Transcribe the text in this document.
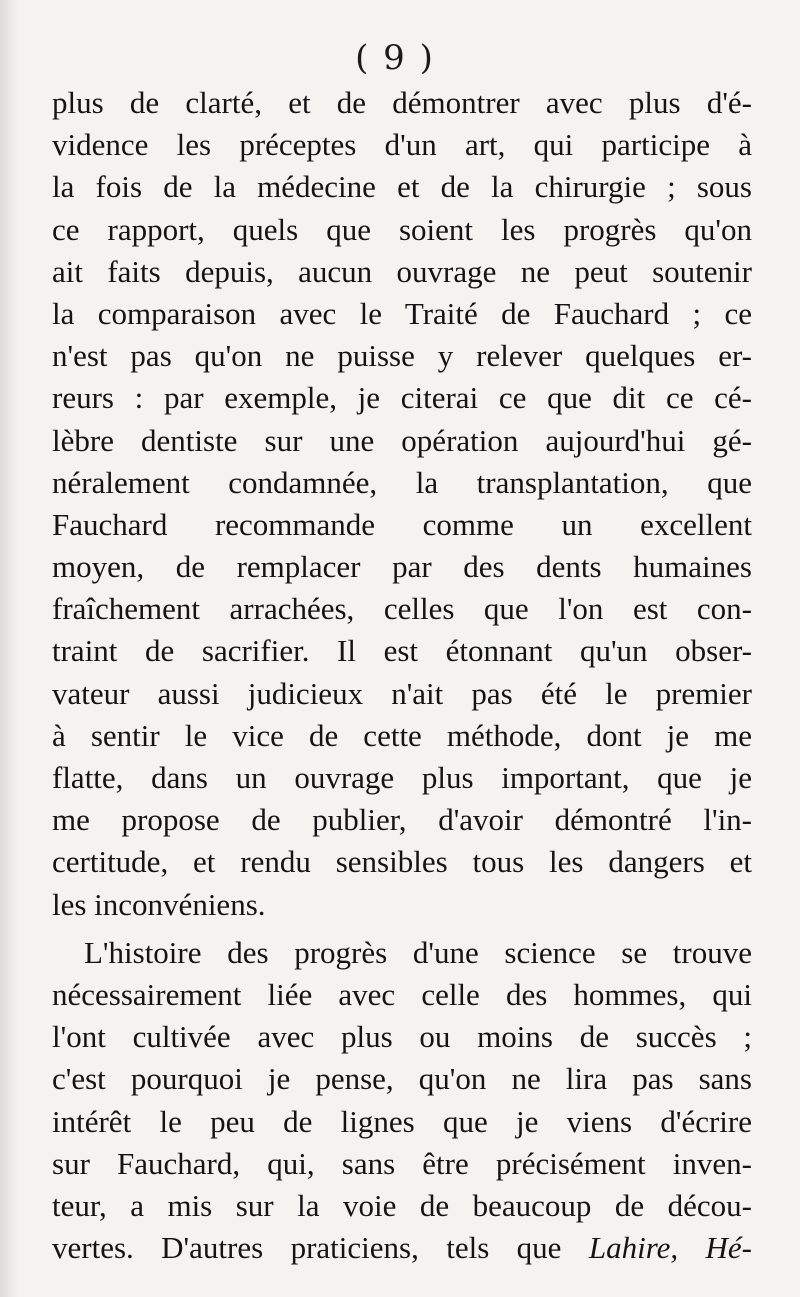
( 9 )
plus de clarté, et de démontrer avec plus d'é-
vidence les préceptes d'un art, qui participe à
la fois de la médecine et de la chirurgie ; sous
ce rapport, quels que soient les progrès qu'on
ait faits depuis, aucun ouvrage ne peut soutenir
la comparaison avec le Traité de Fauchard ; ce
n'est pas qu'on ne puisse y relever quelques er-
reurs : par exemple, je citerai ce que dit ce cé-
lèbre dentiste sur une opération aujourd'hui gé-
néralement condamnée, la transplantation, que
Fauchard recommande comme un excellent
moyen, de remplacer par des dents humaines
fraîchement arrachées, celles que l'on est con-
traint de sacrifier. Il est étonnant qu'un obser-
vateur aussi judicieux n'ait pas été le premier
à sentir le vice de cette méthode, dont je me
flatte, dans un ouvrage plus important, que je
me propose de publier, d'avoir démontré l'in-
certitude, et rendu sensibles tous les dangers et
les inconvéniens.
L'histoire des progrès d'une science se trouve
nécessairement liée avec celle des hommes, qui
l'ont cultivée avec plus ou moins de succès ;
c'est pourquoi je pense, qu'on ne lira pas sans
intérêt le peu de lignes que je viens d'écrire
sur Fauchard, qui, sans être précisément inven-
teur, a mis sur la voie de beaucoup de décou-
vertes. D'autres praticiens, tels que Lahire, Hé-
